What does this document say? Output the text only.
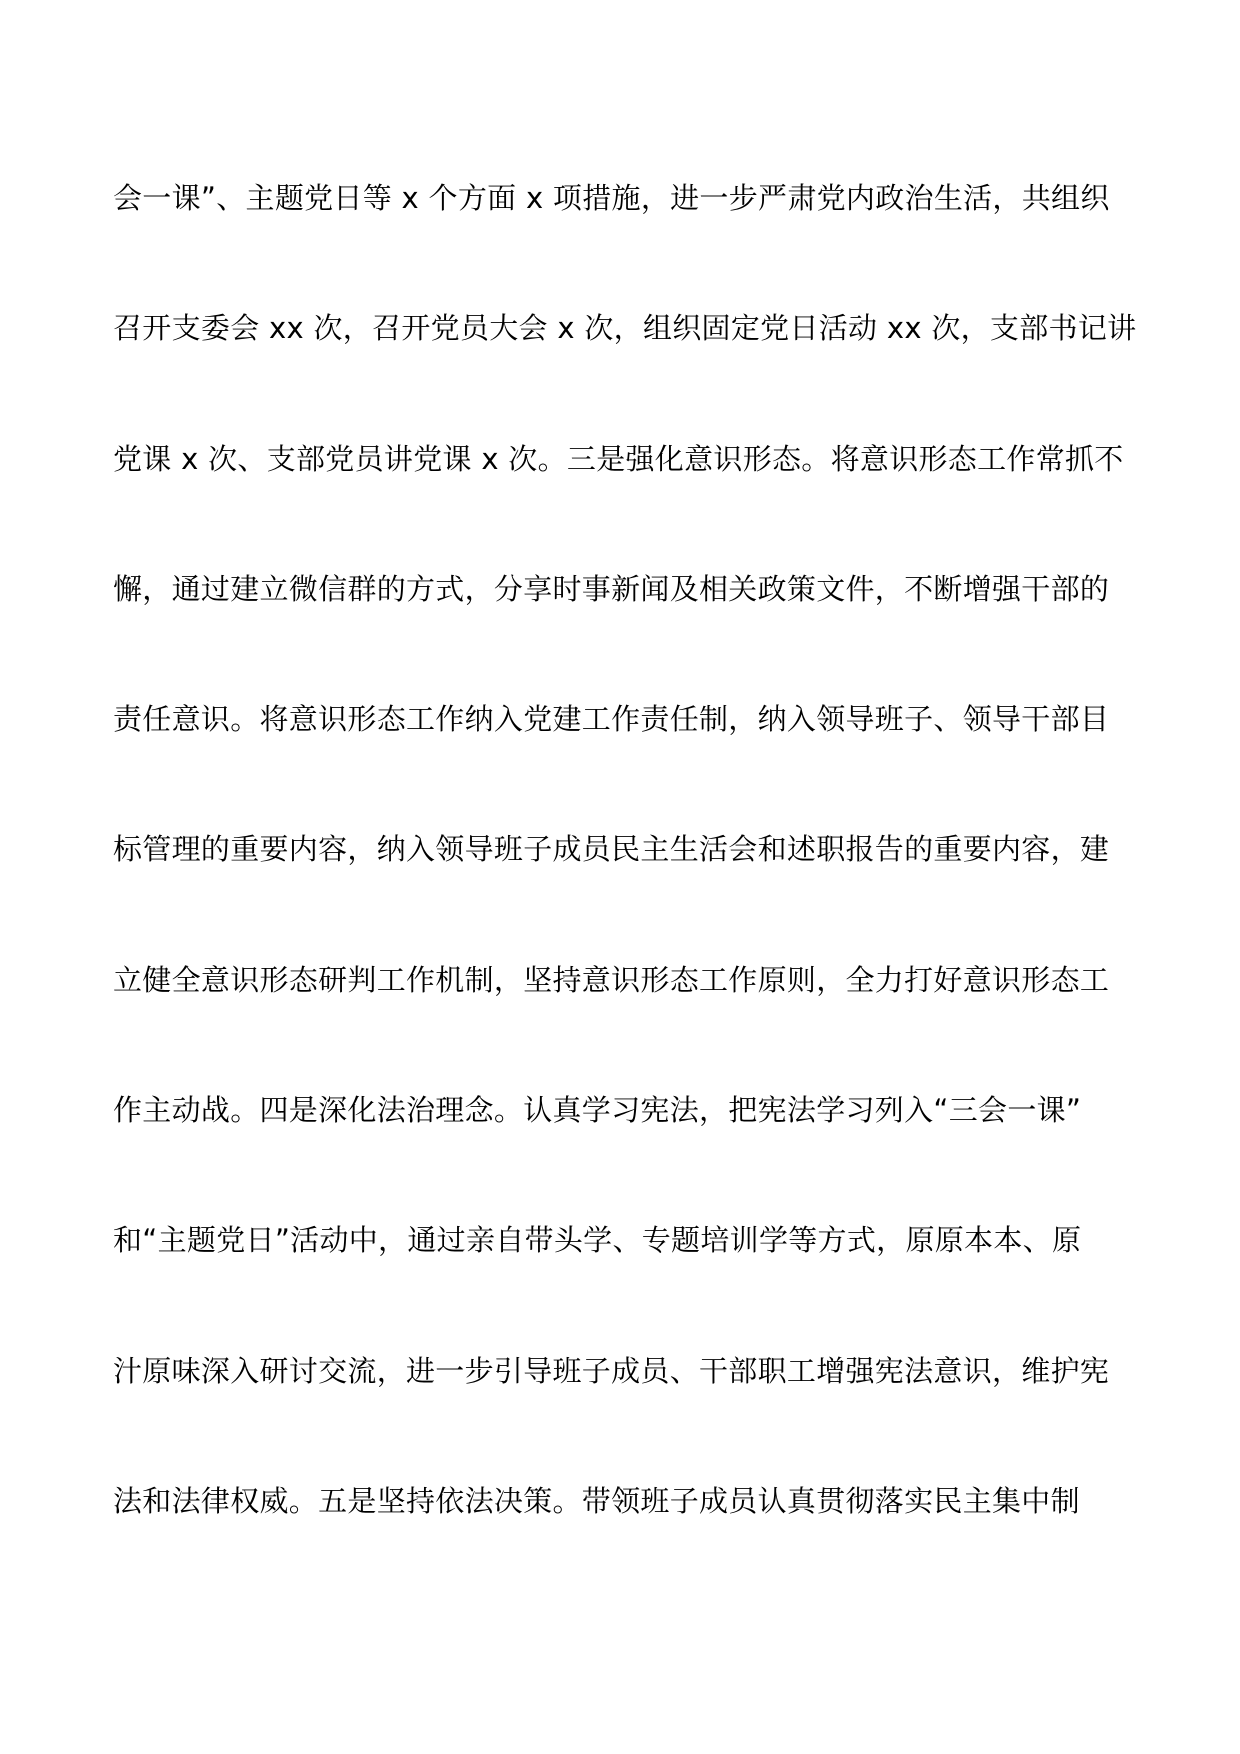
会一课”、主题党日等 x 个方面 x 项措施，进一步严肃党内政治生活，共组织
召开支委会 xx 次，召开党员大会 x 次，组织固定党日活动 xx 次，支部书记讲
党课 x 次、支部党员讲党课 x 次。三是强化意识形态。将意识形态工作常抓不
懈，通过建立微信群的方式，分享时事新闻及相关政策文件，不断增强干部的
责任意识。将意识形态工作纳入党建工作责任制，纳入领导班子、领导干部目
标管理的重要内容，纳入领导班子成员民主生活会和述职报告的重要内容，建
立健全意识形态研判工作机制，坚持意识形态工作原则，全力打好意识形态工
作主动战。四是深化法治理念。认真学习宪法，把宪法学习列入“三会一课”
和“主题党日”活动中，通过亲自带头学、专题培训学等方式，原原本本、原
汁原味深入研讨交流，进一步引导班子成员、干部职工增强宪法意识，维护宪
法和法律权威。五是坚持依法决策。带领班子成员认真贯彻落实民主集中制
